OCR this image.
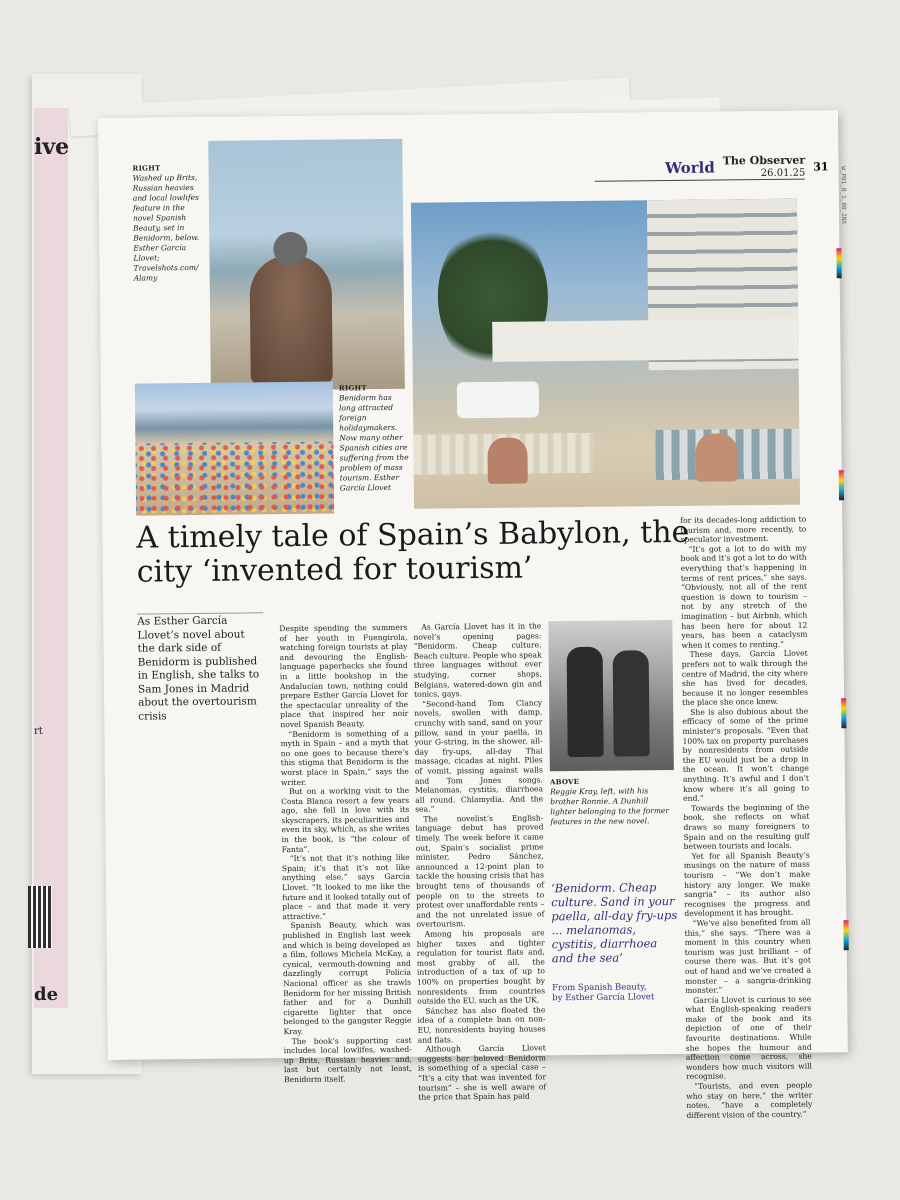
ive
rt
de
World The Observer
26.01.25 31 W_P01_B_1_80_2NX
RIGHT
Washed up Brits, Russian heavies and local lowlifes feature in the novel Spanish Beauty, set in Benidorm, below. Esther García Llovet; Travelshots.com/ Alamy
RIGHT
Benidorm has long attracted foreign holidaymakers. Now many other Spanish cities are suffering from the problem of mass tourism. Esther García Llovet
A timely tale of Spain’s Babylon, the city ‘invented for tourism’
As Esther García Llovet’s novel about the dark side of Benidorm is published in English, she talks to Sam Jones in Madrid about the overtourism crisis

Despite spending the summers of her youth in Fuengirola, watching foreign tourists at play and devouring the English-language paperbacks she found in a little bookshop in the Andalucían town, nothing could prepare Esther García Llovet for the spectacular unreality of the place that inspired her noir novel Spanish Beauty.

“Benidorm is something of a myth in Spain – and a myth that no one goes to because there’s this stigma that Benidorm is the worst place in Spain,” says the writer.

But on a working visit to the Costa Blanca resort a few years ago, she fell in love with its skyscrapers, its peculiarities and even its sky, which, as she writes in the book, is “the colour of Fanta”.

“It’s not that it’s nothing like Spain; it’s that it’s not like anything else,” says García Llovet. “It looked to me like the future and it looked totally out of place – and that made it very attractive.”

Spanish Beauty, which was published in English last week and which is being developed as a film, follows Michela McKay, a cynical, vermouth-downing and dazzlingly corrupt Policía Nacional officer as she trawls Benidorm for her missing British father and for a Dunhill cigarette lighter that once belonged to the gangster Reggie Kray.

The book’s supporting cast includes local lowlifes, washed-up Brits, Russian heavies and, last but certainly not least, Benidorm itself.

As García Llovet has it in the novel’s opening pages: “Benidorm. Cheap culture. Beach culture. People who speak three languages without ever studying, corner shops, Belgians, watered-down gin and tonics, gays.

“Second-hand Tom Clancy novels, swollen with damp, crunchy with sand, sand on your pillow, sand in your paella, in your G-string, in the shower, all-day fry-ups, all-day Thai massage, cicadas at night. Piles of vomit, pissing against walls and Tom Jones songs. Melanomas, cystitis, diarrhoea all round. Chlamydia. And the sea.”

The novelist’s English-language debut has proved timely. The week before it came out, Spain’s socialist prime minister, Pedro Sánchez, announced a 12-point plan to tackle the housing crisis that has brought tens of thousands of people on to the streets to protest over unaffordable rents – and the not unrelated issue of overtourism.

Among his proposals are higher taxes and tighter regulation for tourist flats and, most grabby of all, the introduction of a tax of up to 100% on properties bought by nonresidents from countries outside the EU, such as the UK.

Sánchez has also floated the idea of a complete ban on non-EU, nonresidents buying houses and flats.

Although García Llovet suggests her beloved Benidorm is something of a special case – “It’s a city that was invented for tourism” – she is well aware of the price that Spain has paid

ABOVE
Reggie Kray, left, with his brother Ronnie. A Dunhill lighter belonging to the former features in the new novel.
‘Benidorm. Cheap culture. Sand in your paella, all-day fry-ups ... melanomas, cystitis, diarrhoea and the sea’
From Spanish Beauty,
by Esther García Llovet

for its decades-long addiction to tourism and, more recently, to speculator investment.

“It’s got a lot to do with my book and it’s got a lot to do with everything that’s happening in terms of rent prices,” she says. “Obviously, not all of the rent question is down to tourism – not by any stretch of the imagination – but Airbnb, which has been here for about 12 years, has been a cataclysm when it comes to renting.”

These days, García Llovet prefers not to walk through the centre of Madrid, the city where she has lived for decades, because it no longer resembles the place she once knew.

She is also dubious about the efficacy of some of the prime minister’s proposals. “Even that 100% tax on property purchases by nonresidents from outside the EU would just be a drop in the ocean. It won’t change anything. It’s awful and I don’t know where it’s all going to end.”

Towards the beginning of the book, she reflects on what draws so many foreigners to Spain and on the resulting gulf between tourists and locals.

Yet for all Spanish Beauty’s musings on the nature of mass tourism – “We don’t make history any longer. We make sangria” – its author also recognises the progress and development it has brought.

“We’ve also benefited from all this,” she says. “There was a moment in this country when tourism was just brilliant – of course there was. But it’s got out of hand and we’ve created a monster – a sangria-drinking monster.”

García Llovet is curious to see what English-speaking readers make of the book and its depiction of one of their favourite destinations. While she hopes the humour and affection come across, she wonders how much visitors will recognise.

“Tourists, and even people who stay on here,” the writer notes, “have a completely different vision of the country.”
